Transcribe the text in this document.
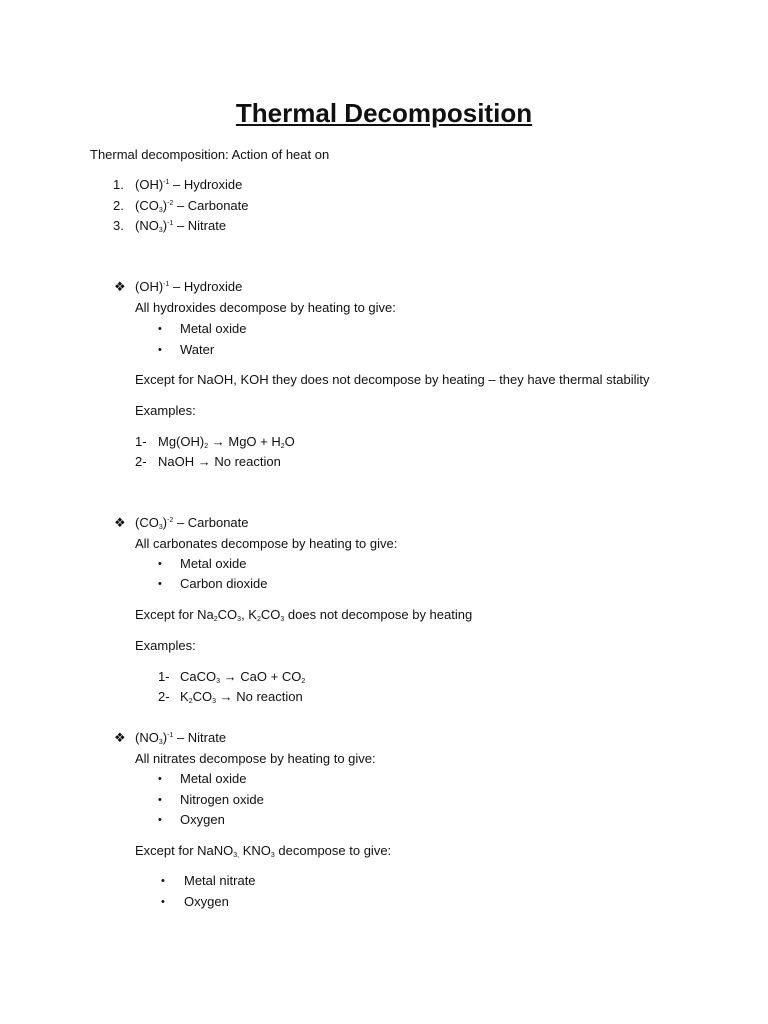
Thermal Decomposition
Thermal decomposition: Action of heat on
1. (OH)$^{-1}$ – Hydroxide
2. $(CO_3)^{-2}$ – Carbonate
3. $(NO_3)^{-1}$ – Nitrate
❖ (OH)$^{-1}$ – Hydroxide
All hydroxides decompose by heating to give:
• Metal oxide
• Water
Except for NaOH, KOH they does not decompose by heating – they have thermal stability
Examples:
1- $Mg(OH)_2$ → MgO + $H_2O$
2- NaOH → No reaction
❖ $(CO_3)^{-2}$ – Carbonate
All carbonates decompose by heating to give:
• Metal oxide
• Carbon dioxide
Except for $Na_2CO_3$, $K_2CO_3$ does not decompose by heating
Examples:
1- CaCO$_3$ → CaO + $CO_2$
2- $K_2CO_3 \to No$ reaction
❖ $(NO_3)^{-1}$ – Nitrate
All nitrates decompose by heating to give:
• Metal oxide
• Nitrogen oxide
• Oxygen
Except for NaNO$_{3,}$ $KNO_3$ decompose to give:
• Metal nitrate
• Oxygen
